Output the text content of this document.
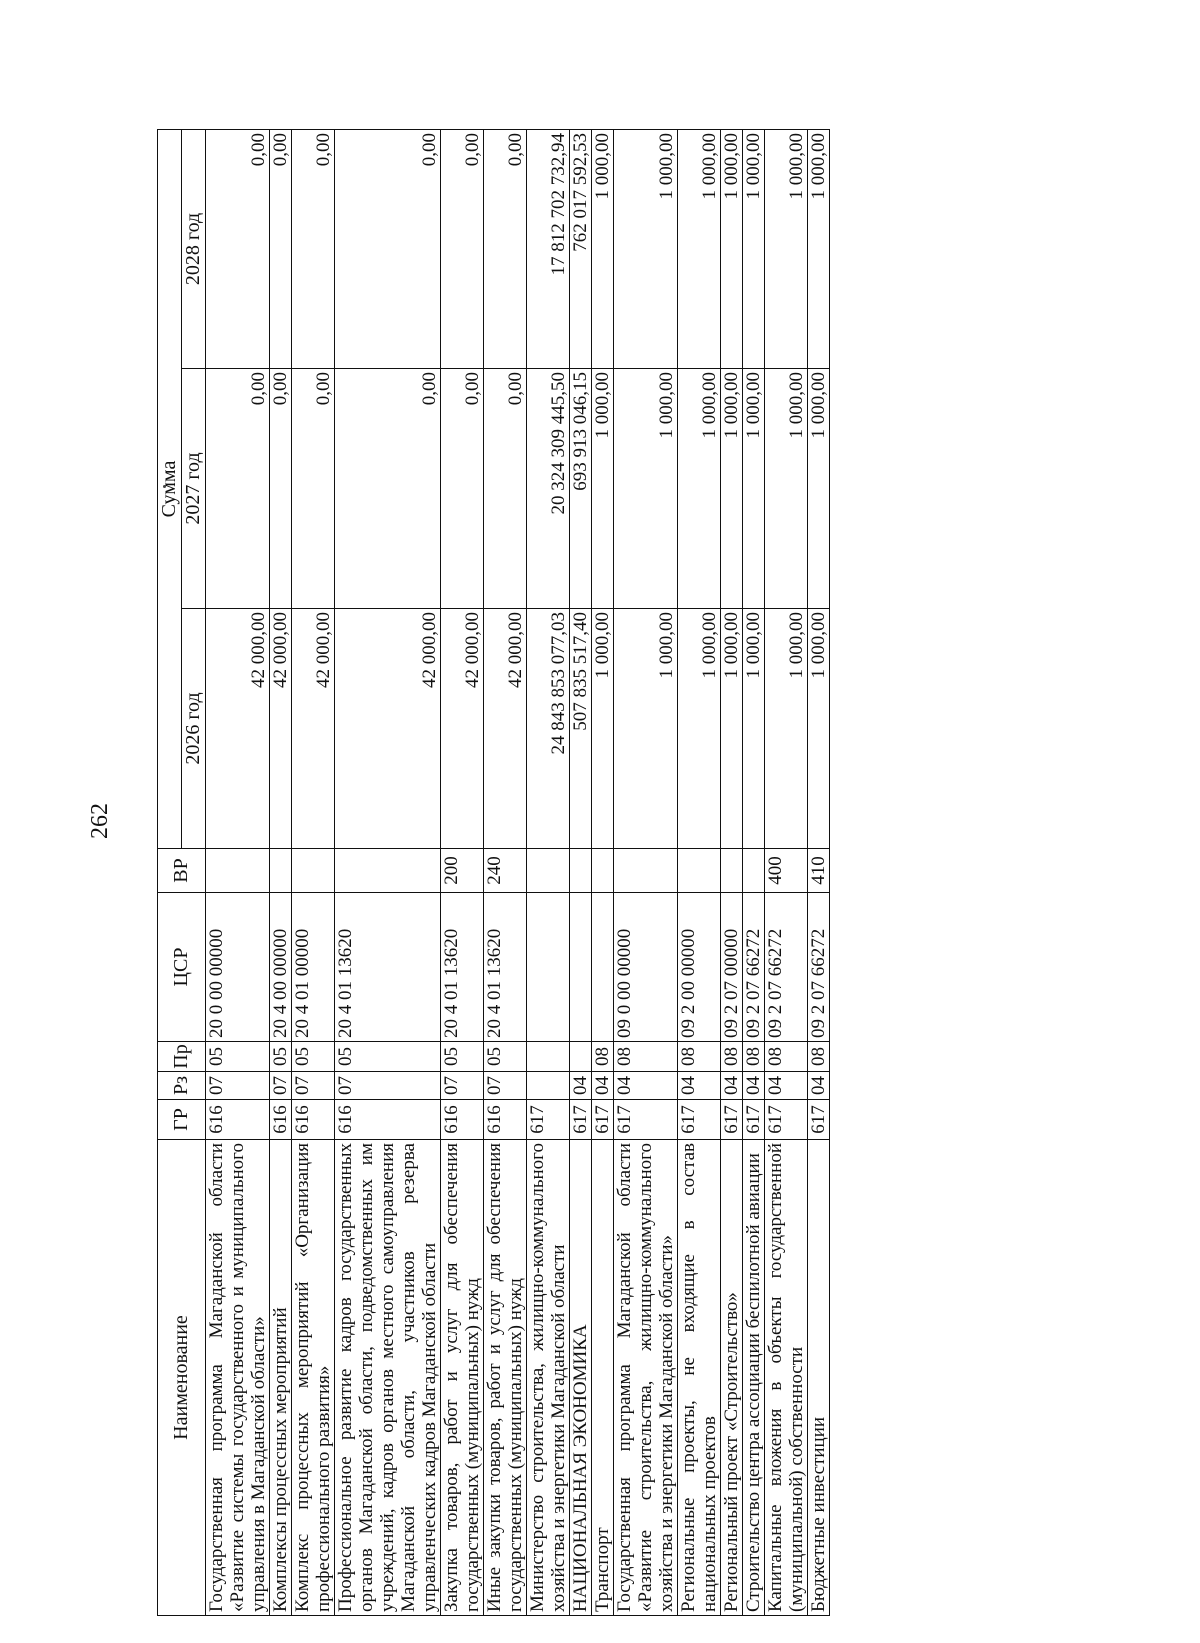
262
Наименование	ГР	Рз	Пр	ЦСР	ВР	Сумма		
						2026 год	2027 год	2028 год
Государственная программа Магаданской области «Развитие системы государственного и муниципального управления в Магаданской области»	616	07	05	20 0 00 00000		42 000,00	0,00	0,00
Комплексы процессных мероприятий	616	07	05	20 4 00 00000		42 000,00	0,00	0,00
Комплекс процессных мероприятий «Организация профессионального развития»	616	07	05	20 4 01 00000		42 000,00	0,00	0,00
Профессиональное развитие кадров государственных органов Магаданской области, подведомственных им учреждений, кадров органов местного самоуправления Магаданской области, участников резерва управленческих кадров Магаданской области	616	07	05	20 4 01 13620		42 000,00	0,00	0,00
Закупка товаров, работ и услуг для обеспечения государственных (муниципальных) нужд	616	07	05	20 4 01 13620	200	42 000,00	0,00	0,00
Иные закупки товаров, работ и услуг для обеспечения государственных (муниципальных) нужд	616	07	05	20 4 01 13620	240	42 000,00	0,00	0,00
Министерство строительства, жилищно-коммунального хозяйства и энергетики Магаданской области	617					24 843 853 077,03	20 324 309 445,50	17 812 702 732,94
НАЦИОНАЛЬНАЯ ЭКОНОМИКА	617	04				507 835 517,40	693 913 046,15	762 017 592,53
Транспорт	617	04	08			1 000,00	1 000,00	1 000,00
Государственная программа Магаданской области «Развитие строительства, жилищно-коммунального хозяйства и энергетики Магаданской области»	617	04	08	09 0 00 00000		1 000,00	1 000,00	1 000,00
Региональные проекты, не входящие в состав национальных проектов	617	04	08	09 2 00 00000		1 000,00	1 000,00	1 000,00
Региональный проект «Строительство»	617	04	08	09 2 07 00000		1 000,00	1 000,00	1 000,00
Строительство центра ассоциации беспилотной авиации	617	04	08	09 2 07 66272		1 000,00	1 000,00	1 000,00
Капитальные вложения в объекты государственной (муниципальной) собственности	617	04	08	09 2 07 66272	400	1 000,00	1 000,00	1 000,00
Бюджетные инвестиции	617	04	08	09 2 07 66272	410	1 000,00	1 000,00	1 000,00
